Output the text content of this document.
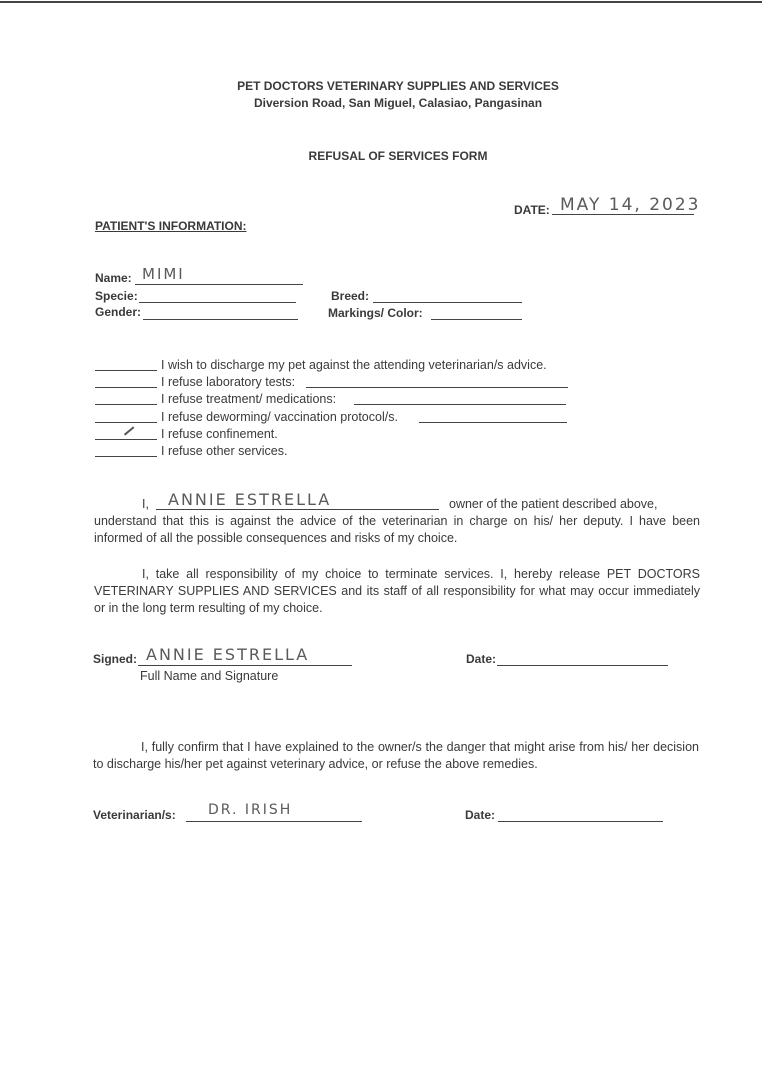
PET DOCTORS VETERINARY SUPPLIES AND SERVICES
Diversion Road, San Miguel, Calasiao, Pangasinan
REFUSAL OF SERVICES FORM
DATE: MAY 14, 2023
PATIENT'S INFORMATION:
Name: MIMI
Specie:	Breed:
Gender:	Markings/ Color:
I wish to discharge my pet against the attending veterinarian/s advice.
I refuse laboratory tests:
I refuse treatment/ medications:
I refuse deworming/ vaccination protocol/s.
I refuse confinement.
I refuse other services.
I, ANNIE ESTRELLA	owner of the patient described above,
understand that this is against the advice of the veterinarian in charge on his/ her deputy. I have been informed of all the possible consequences and risks of my choice.
I, take all responsibility of my choice to terminate services. I, hereby release PET DOCTORS VETERINARY SUPPLIES AND SERVICES and its staff of all responsibility for what may occur immediately or in the long term resulting of my choice.
Signed: ANNIE ESTRELLA
Full Name and Signature
Date:
I, fully confirm that I have explained to the owner/s the danger that might arise from his/ her decision to discharge his/her pet against veterinary advice, or refuse the above remedies.
Veterinarian/s: DR. IRISH	Date:
